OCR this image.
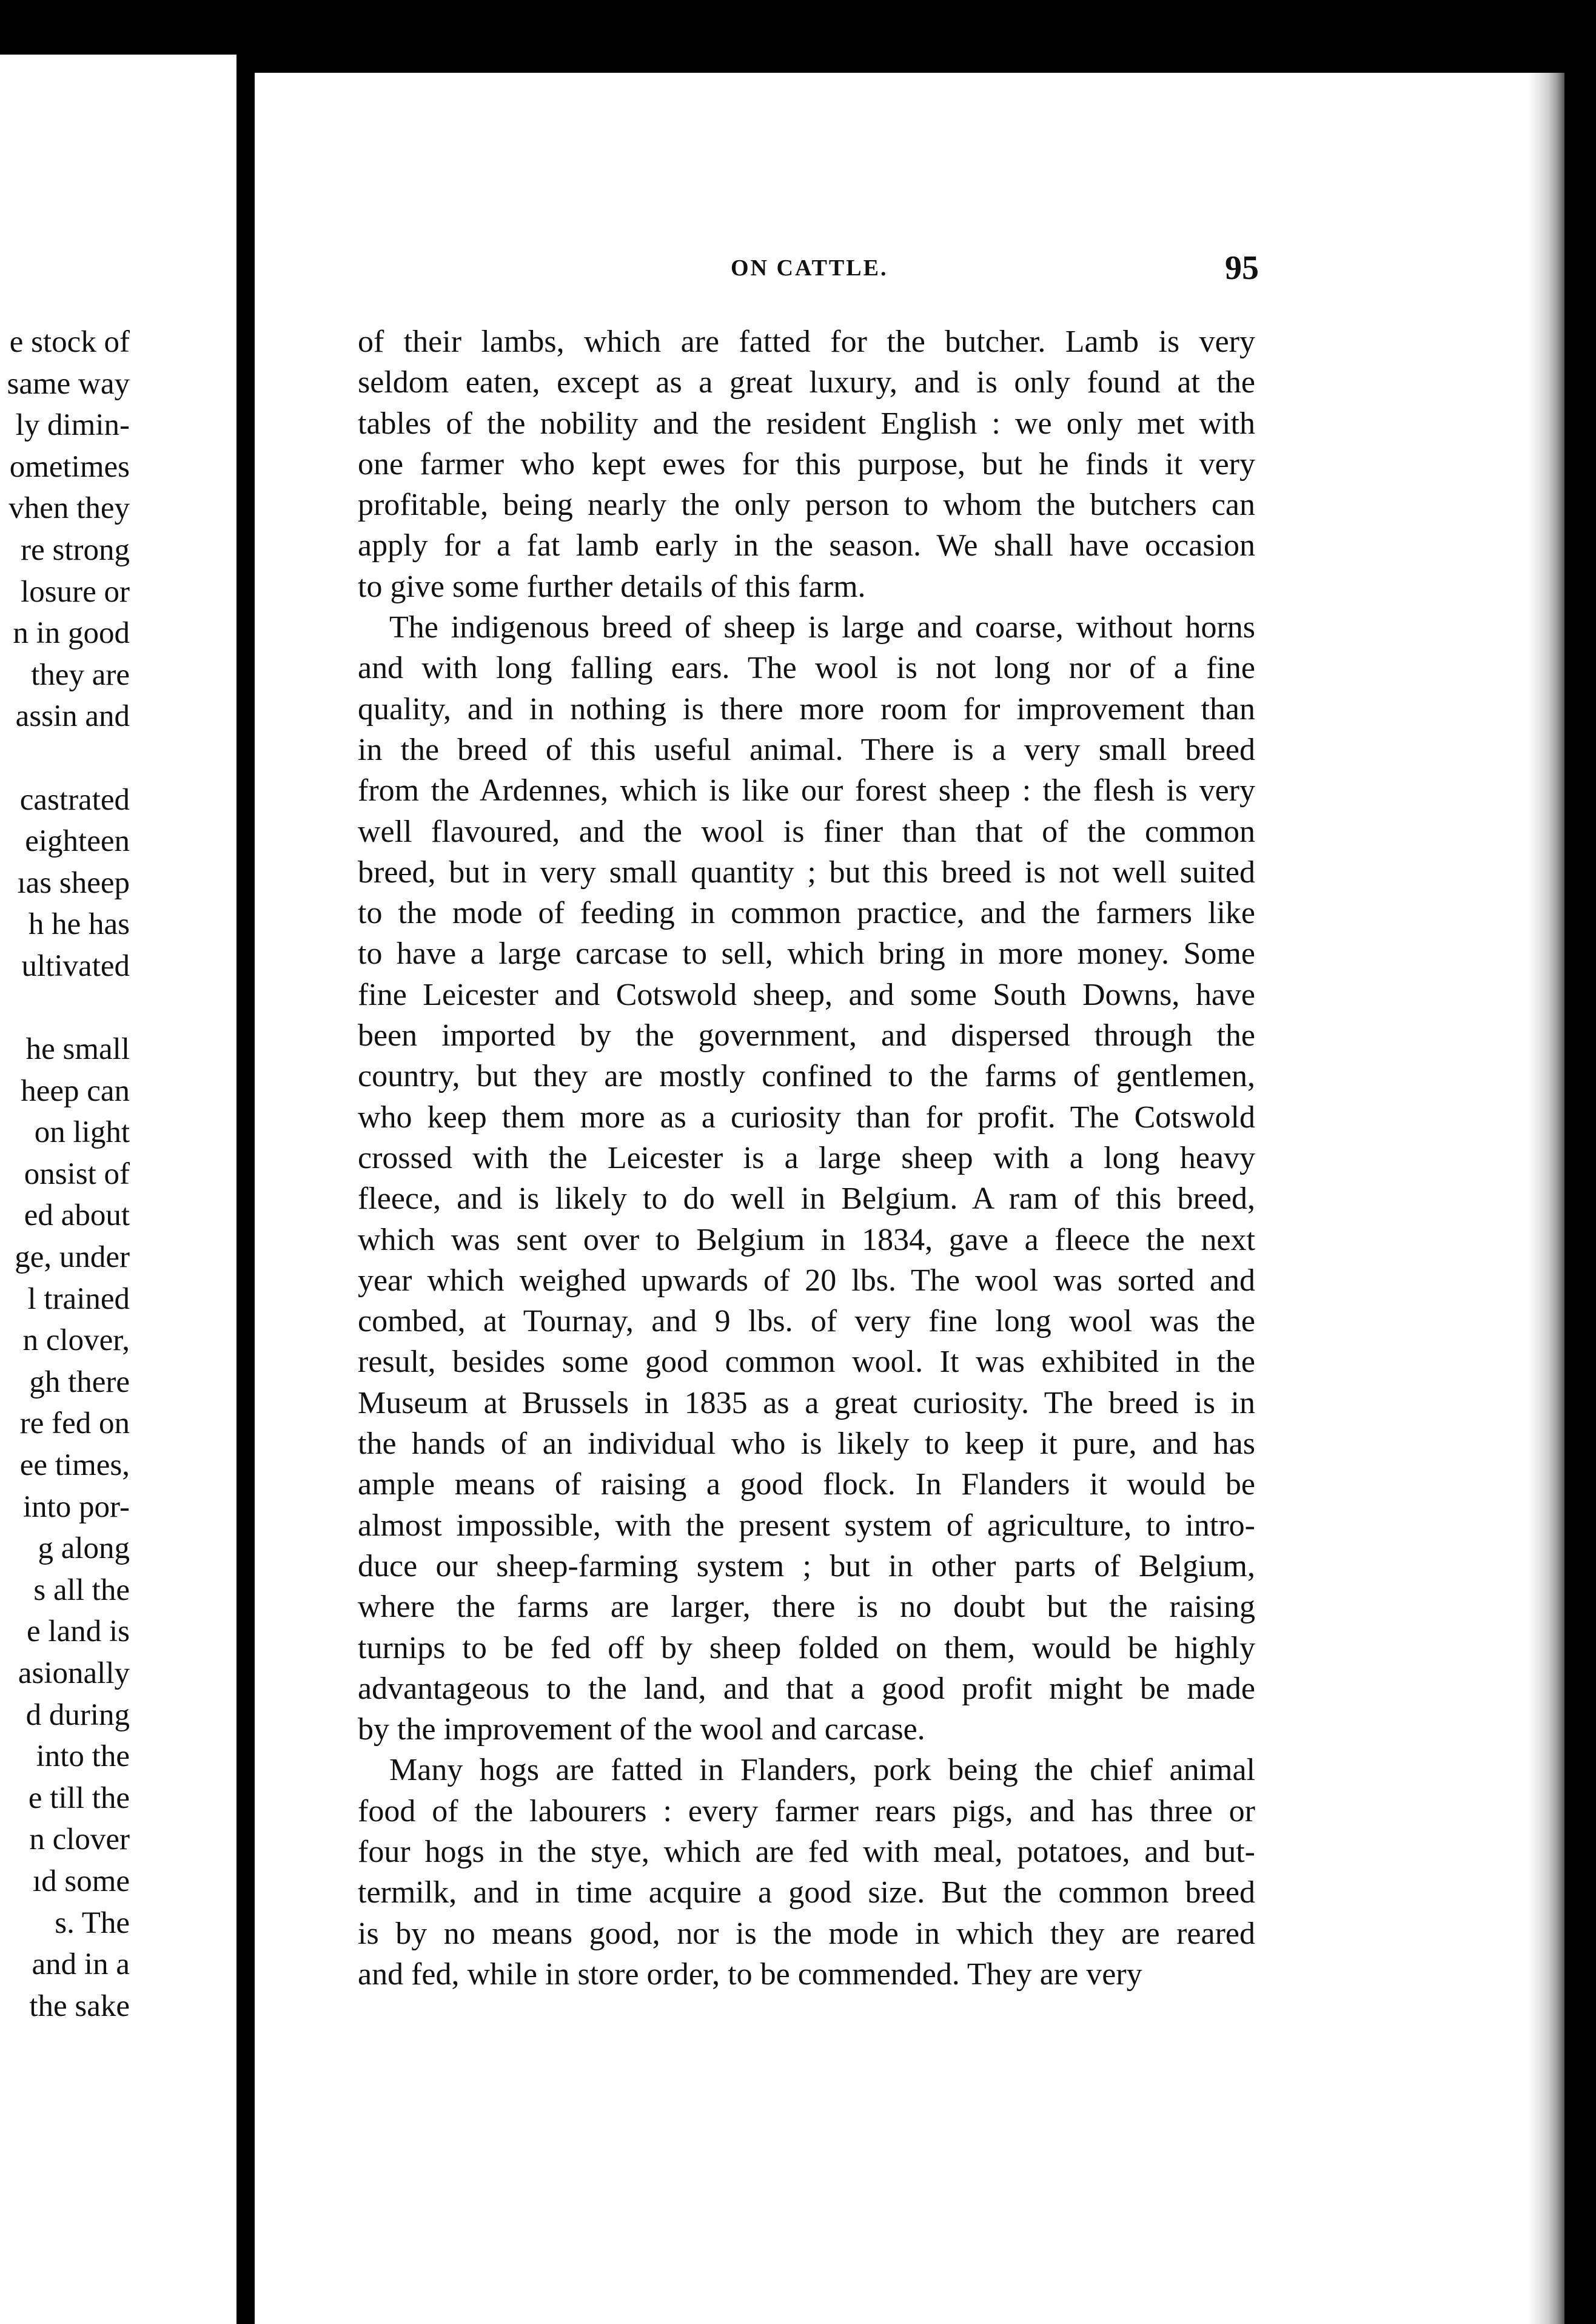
e stock of
same way
ly dimin-
ometimes
vhen they
re strong
losure or
n in good
they are
assin and
castrated
eighteen
ıas sheep
h he has
ultivated
he small
heep can
on light
onsist of
ed about
ge, under
l trained
n clover,
gh there
re fed on
ee times,
into por-
g along
s all the
e land is
asionally
d during
into the
e till the
n clover
ıd some
s. The
and in a
the sake
ON CATTLE.	95
of their lambs, which are fatted for the butcher. Lamb is very
seldom eaten, except as a great luxury, and is only found at the
tables of the nobility and the resident English : we only met with
one farmer who kept ewes for this purpose, but he finds it very
profitable, being nearly the only person to whom the butchers can
apply for a fat lamb early in the season. We shall have occasion
to give some further details of this farm.
The indigenous breed of sheep is large and coarse, without horns
and with long falling ears. The wool is not long nor of a fine
quality, and in nothing is there more room for improvement than
in the breed of this useful animal. There is a very small breed
from the Ardennes, which is like our forest sheep : the flesh is very
well flavoured, and the wool is finer than that of the common
breed, but in very small quantity ; but this breed is not well suited
to the mode of feeding in common practice, and the farmers like
to have a large carcase to sell, which bring in more money. Some
fine Leicester and Cotswold sheep, and some South Downs, have
been imported by the government, and dispersed through the
country, but they are mostly confined to the farms of gentlemen,
who keep them more as a curiosity than for profit. The Cotswold
crossed with the Leicester is a large sheep with a long heavy
fleece, and is likely to do well in Belgium. A ram of this breed,
which was sent over to Belgium in 1834, gave a fleece the next
year which weighed upwards of 20 lbs. The wool was sorted and
combed, at Tournay, and 9 lbs. of very fine long wool was the
result, besides some good common wool. It was exhibited in the
Museum at Brussels in 1835 as a great curiosity. The breed is in
the hands of an individual who is likely to keep it pure, and has
ample means of raising a good flock. In Flanders it would be
almost impossible, with the present system of agriculture, to intro-
duce our sheep-farming system ; but in other parts of Belgium,
where the farms are larger, there is no doubt but the raising
turnips to be fed off by sheep folded on them, would be highly
advantageous to the land, and that a good profit might be made
by the improvement of the wool and carcase.
Many hogs are fatted in Flanders, pork being the chief animal
food of the labourers : every farmer rears pigs, and has three or
four hogs in the stye, which are fed with meal, potatoes, and but-
termilk, and in time acquire a good size. But the common breed
is by no means good, nor is the mode in which they are reared
and fed, while in store order, to be commended. They are very
